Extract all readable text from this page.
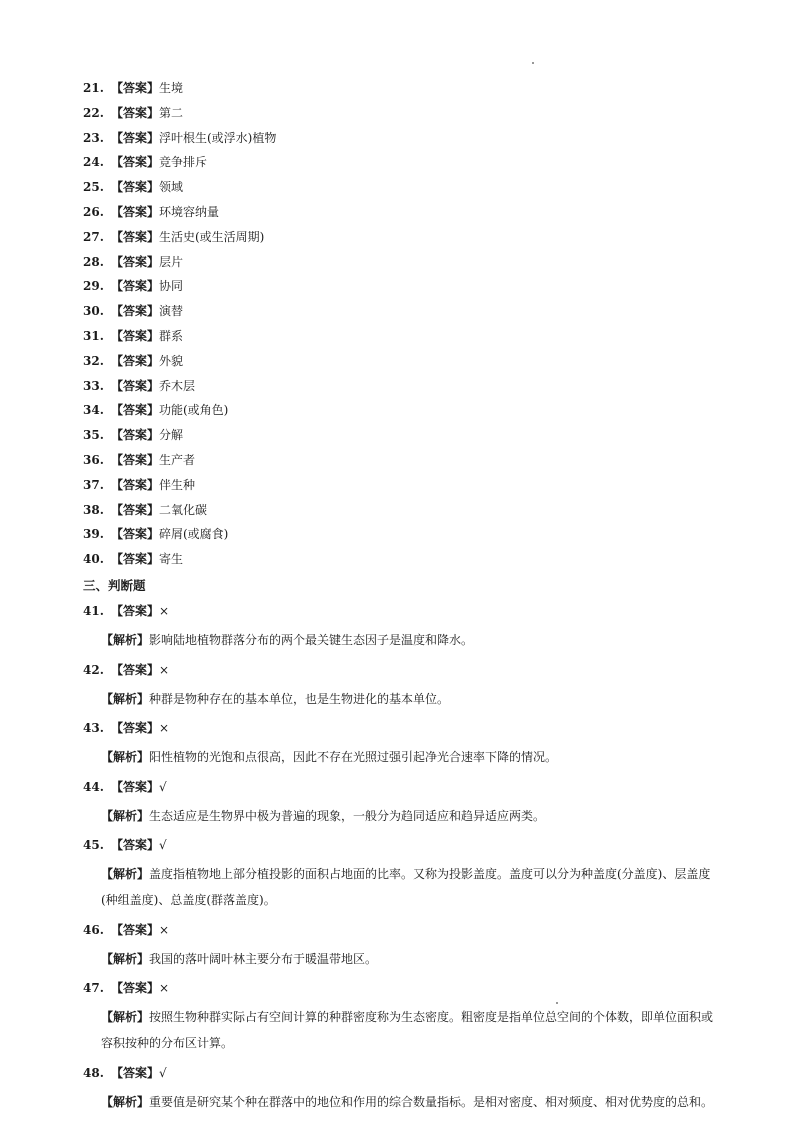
21. 【答案】生境
22. 【答案】第二
23. 【答案】浮叶根生(或浮水)植物
24. 【答案】竞争排斥
25. 【答案】领域
26. 【答案】环境容纳量
27. 【答案】生活史(或生活周期)
28. 【答案】层片
29. 【答案】协同
30. 【答案】演替
31. 【答案】群系
32. 【答案】外貌
33. 【答案】乔木层
34. 【答案】功能(或角色)
35. 【答案】分解
36. 【答案】生产者
37. 【答案】伴生种
38. 【答案】二氧化碳
39. 【答案】碎屑(或腐食)
40. 【答案】寄生
三、判断题
41. 【答案】×
【解析】影响陆地植物群落分布的两个最关键生态因子是温度和降水。
42. 【答案】×
【解析】种群是物种存在的基本单位，也是生物进化的基本单位。
43. 【答案】×
【解析】阳性植物的光饱和点很高，因此不存在光照过强引起净光合速率下降的情况。
44. 【答案】√
【解析】生态适应是生物界中极为普遍的现象，一般分为趋同适应和趋异适应两类。
45. 【答案】√
【解析】盖度指植物地上部分植投影的面积占地面的比率。又称为投影盖度。盖度可以分为种盖度(分盖度)、层盖度(种组盖度)、总盖度(群落盖度)。
46. 【答案】×
【解析】我国的落叶阔叶林主要分布于暖温带地区。
47. 【答案】×
【解析】按照生物种群实际占有空间计算的种群密度称为生态密度。粗密度是指单位总空间的个体数，即单位面积或容积按种的分布区计算。
48. 【答案】√
【解析】重要值是研究某个种在群落中的地位和作用的综合数量指标。是相对密度、相对频度、相对优势度的总和。
